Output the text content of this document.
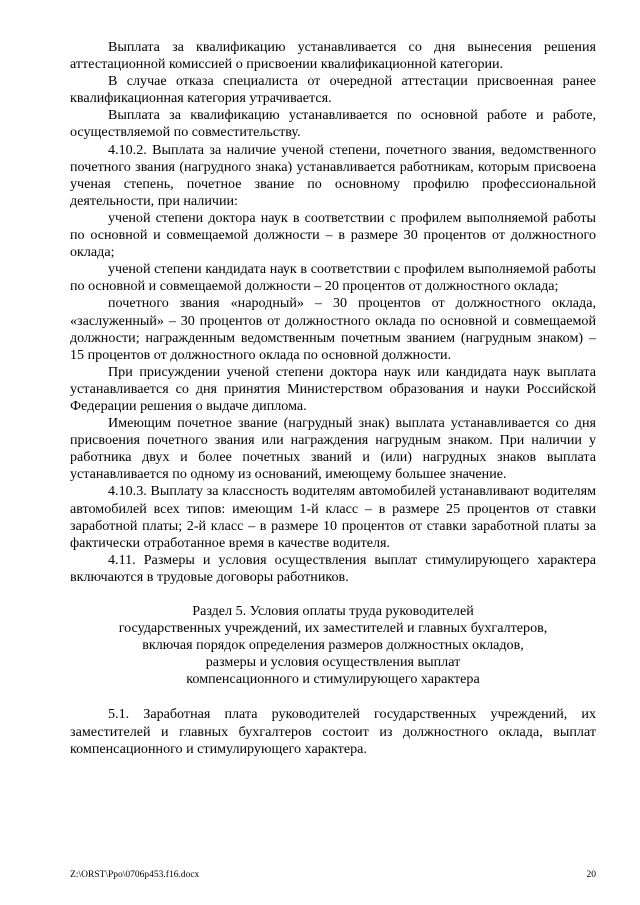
Выплата за квалификацию устанавливается со дня вынесения решения аттестационной комиссией о присвоении квалификационной категории.

В случае отказа специалиста от очередной аттестации присвоенная ранее квалификационная категория утрачивается.

Выплата за квалификацию устанавливается по основной работе и работе, осуществляемой по совместительству.

4.10.2. Выплата за наличие ученой степени, почетного звания, ведомственного почетного звания (нагрудного знака) устанавливается работникам, которым присвоена ученая степень, почетное звание по основному профилю профессиональной деятельности, при наличии:

ученой степени доктора наук в соответствии с профилем выполняемой работы по основной и совмещаемой должности – в размере 30 процентов от должностного оклада;

ученой степени кандидата наук в соответствии с профилем выполняемой работы по основной и совмещаемой должности – 20 процентов от должностного оклада;

почетного звания «народный» – 30 процентов от должностного оклада, «заслуженный» – 30 процентов от должностного оклада по основной и совмещаемой должности; награжденным ведомственным почетным званием (нагрудным знаком) – 15 процентов от должностного оклада по основной должности.

При присуждении ученой степени доктора наук или кандидата наук выплата устанавливается со дня принятия Министерством образования и науки Российской Федерации решения о выдаче диплома.

Имеющим почетное звание (нагрудный знак) выплата устанавливается со дня присвоения почетного звания или награждения нагрудным знаком. При наличии у работника двух и более почетных званий и (или) нагрудных знаков выплата устанавливается по одному из оснований, имеющему большее значение.

4.10.3. Выплату за классность водителям автомобилей устанавливают водителям автомобилей всех типов: имеющим 1-й класс – в размере 25 процентов от ставки заработной платы; 2-й класс – в размере 10 процентов от ставки заработной платы за фактически отработанное время в качестве водителя.

4.11. Размеры и условия осуществления выплат стимулирующего характера включаются в трудовые договоры работников.

Раздел 5. Условия оплаты труда руководителей
государственных учреждений, их заместителей и главных бухгалтеров,
включая порядок определения размеров должностных окладов,
размеры и условия осуществления выплат
компенсационного и стимулирующего характера

5.1. Заработная плата руководителей государственных учреждений, их заместителей и главных бухгалтеров состоит из должностного оклада, выплат компенсационного и стимулирующего характера.

Z:\ORST\Ppo\0706p453.f16.docx	20
